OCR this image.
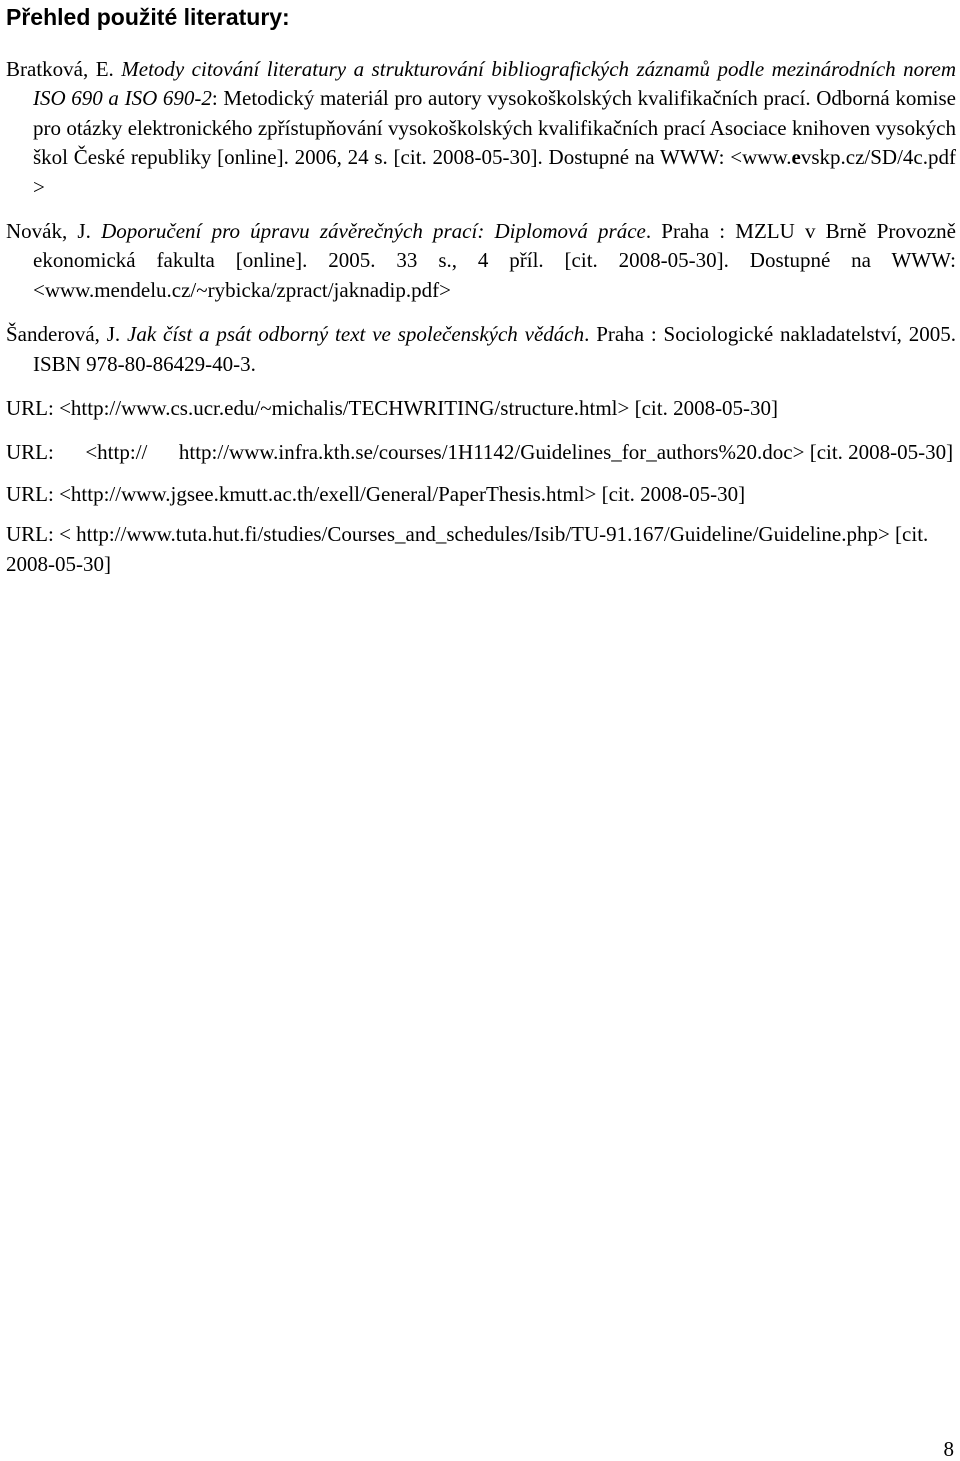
Přehled použité literatury:

Bratková, E. Metody citování literatury a strukturování bibliografických záznamů podle mezinárodních norem ISO 690 a ISO 690-2: Metodický materiál pro autory vysokoškolských kvalifikačních prací. Odborná komise pro otázky elektronického zpřístupňování vysokoškolských kvalifikačních prací Asociace knihoven vysokých škol České republiky [online]. 2006, 24 s. [cit. 2008-05-30]. Dostupné na WWW: <www.evskp.cz/SD/4c.pdf >

Novák, J. Doporučení pro úpravu závěrečných prací: Diplomová práce. Praha : MZLU v Brně Provozně ekonomická fakulta [online]. 2005. 33 s., 4 příl. [cit. 2008-05-30]. Dostupné na WWW: <www.mendelu.cz/~rybicka/zpract/jaknadip.pdf>

Šanderová, J. Jak číst a psát odborný text ve společenských vědách. Praha : Sociologické nakladatelství, 2005. ISBN 978-80-86429-40-3.

URL: <http://www.cs.ucr.edu/~michalis/TECHWRITING/structure.html> [cit. 2008-05-30]

URL: <http:// http://www.infra.kth.se/courses/1H1142/Guidelines_for_authors%20.doc> [cit. 2008-05-30]

URL: <http://www.jgsee.kmutt.ac.th/exell/General/PaperThesis.html> [cit. 2008-05-30]

URL: < http://www.tuta.hut.fi/studies/Courses_and_schedules/Isib/TU-91.167/Guideline/Guideline.php> [cit. 2008-05-30]

8
